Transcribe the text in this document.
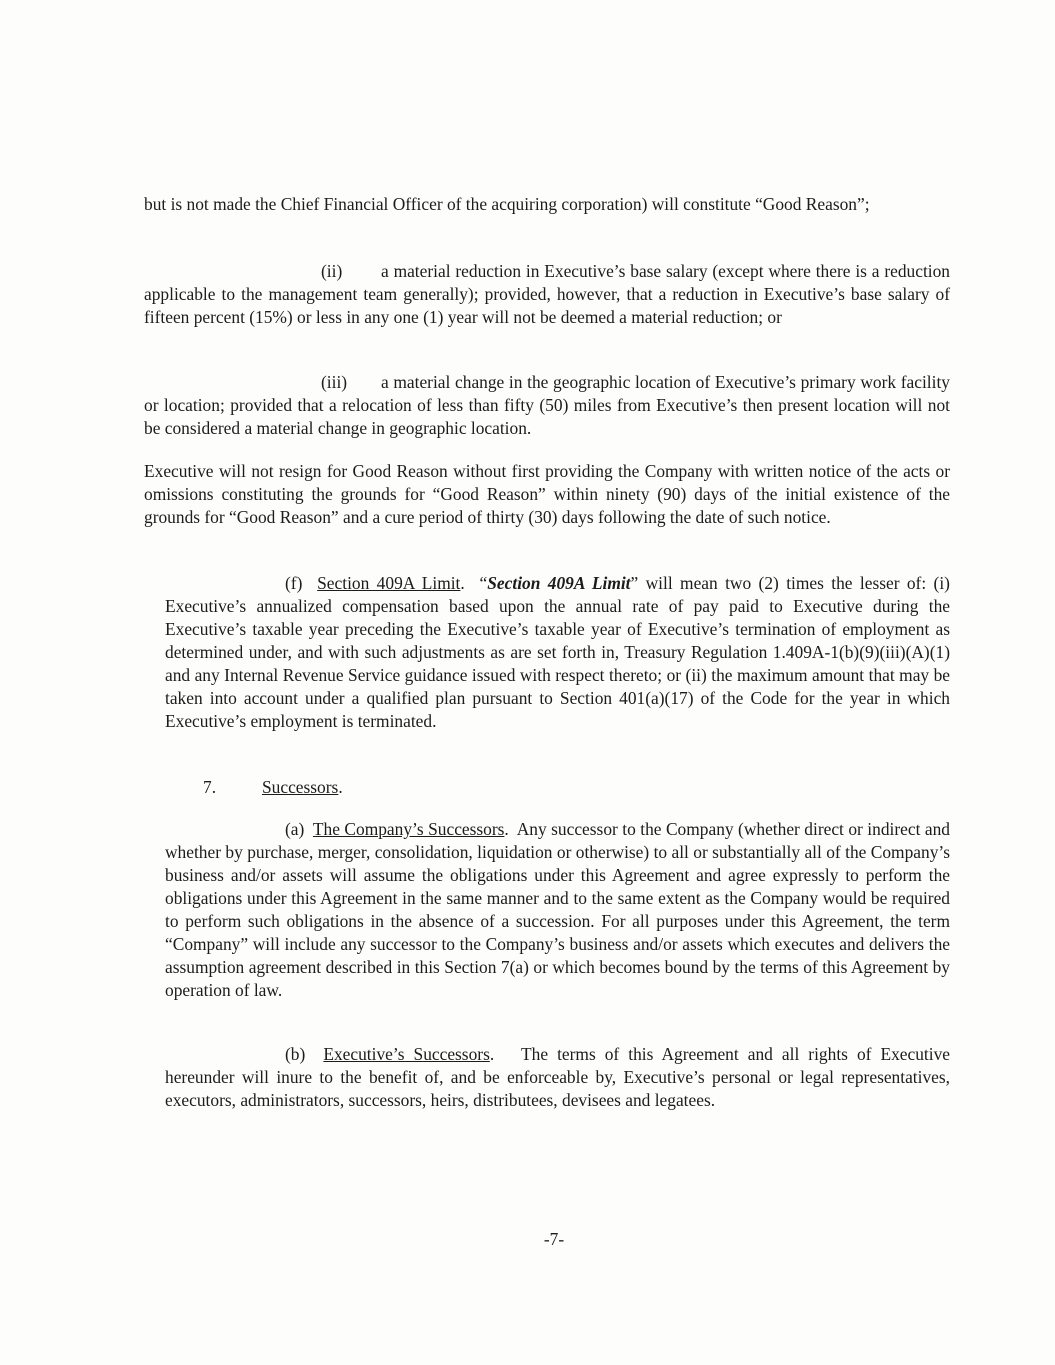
but is not made the Chief Financial Officer of the acquiring corporation) will constitute “Good Reason”;

(ii) a material reduction in Executive’s base salary (except where there is a reduction applicable to the management team generally); provided, however, that a reduction in Executive’s base salary of fifteen percent (15%) or less in any one (1) year will not be deemed a material reduction; or

(iii) a material change in the geographic location of Executive’s primary work facility or location; provided that a relocation of less than fifty (50) miles from Executive’s then present location will not be considered a material change in geographic location.

Executive will not resign for Good Reason without first providing the Company with written notice of the acts or omissions constituting the grounds for “Good Reason” within ninety (90) days of the initial existence of the grounds for “Good Reason” and a cure period of thirty (30) days following the date of such notice.

(f) Section 409A Limit. “Section 409A Limit” will mean two (2) times the lesser of: (i) Executive’s annualized compensation based upon the annual rate of pay paid to Executive during the Executive’s taxable year preceding the Executive’s taxable year of Executive’s termination of employment as determined under, and with such adjustments as are set forth in, Treasury Regulation 1.409A-1(b)(9)(iii)(A)(1) and any Internal Revenue Service guidance issued with respect thereto; or (ii) the maximum amount that may be taken into account under a qualified plan pursuant to Section 401(a)(17) of the Code for the year in which Executive’s employment is terminated.

7.	Successors.

(a) The Company’s Successors. Any successor to the Company (whether direct or indirect and whether by purchase, merger, consolidation, liquidation or otherwise) to all or substantially all of the Company’s business and/or assets will assume the obligations under this Agreement and agree expressly to perform the obligations under this Agreement in the same manner and to the same extent as the Company would be required to perform such obligations in the absence of a succession. For all purposes under this Agreement, the term “Company” will include any successor to the Company’s business and/or assets which executes and delivers the assumption agreement described in this Section 7(a) or which becomes bound by the terms of this Agreement by operation of law.

(b) Executive’s Successors. The terms of this Agreement and all rights of Executive hereunder will inure to the benefit of, and be enforceable by, Executive’s personal or legal representatives, executors, administrators, successors, heirs, distributees, devisees and legatees.

-7-
